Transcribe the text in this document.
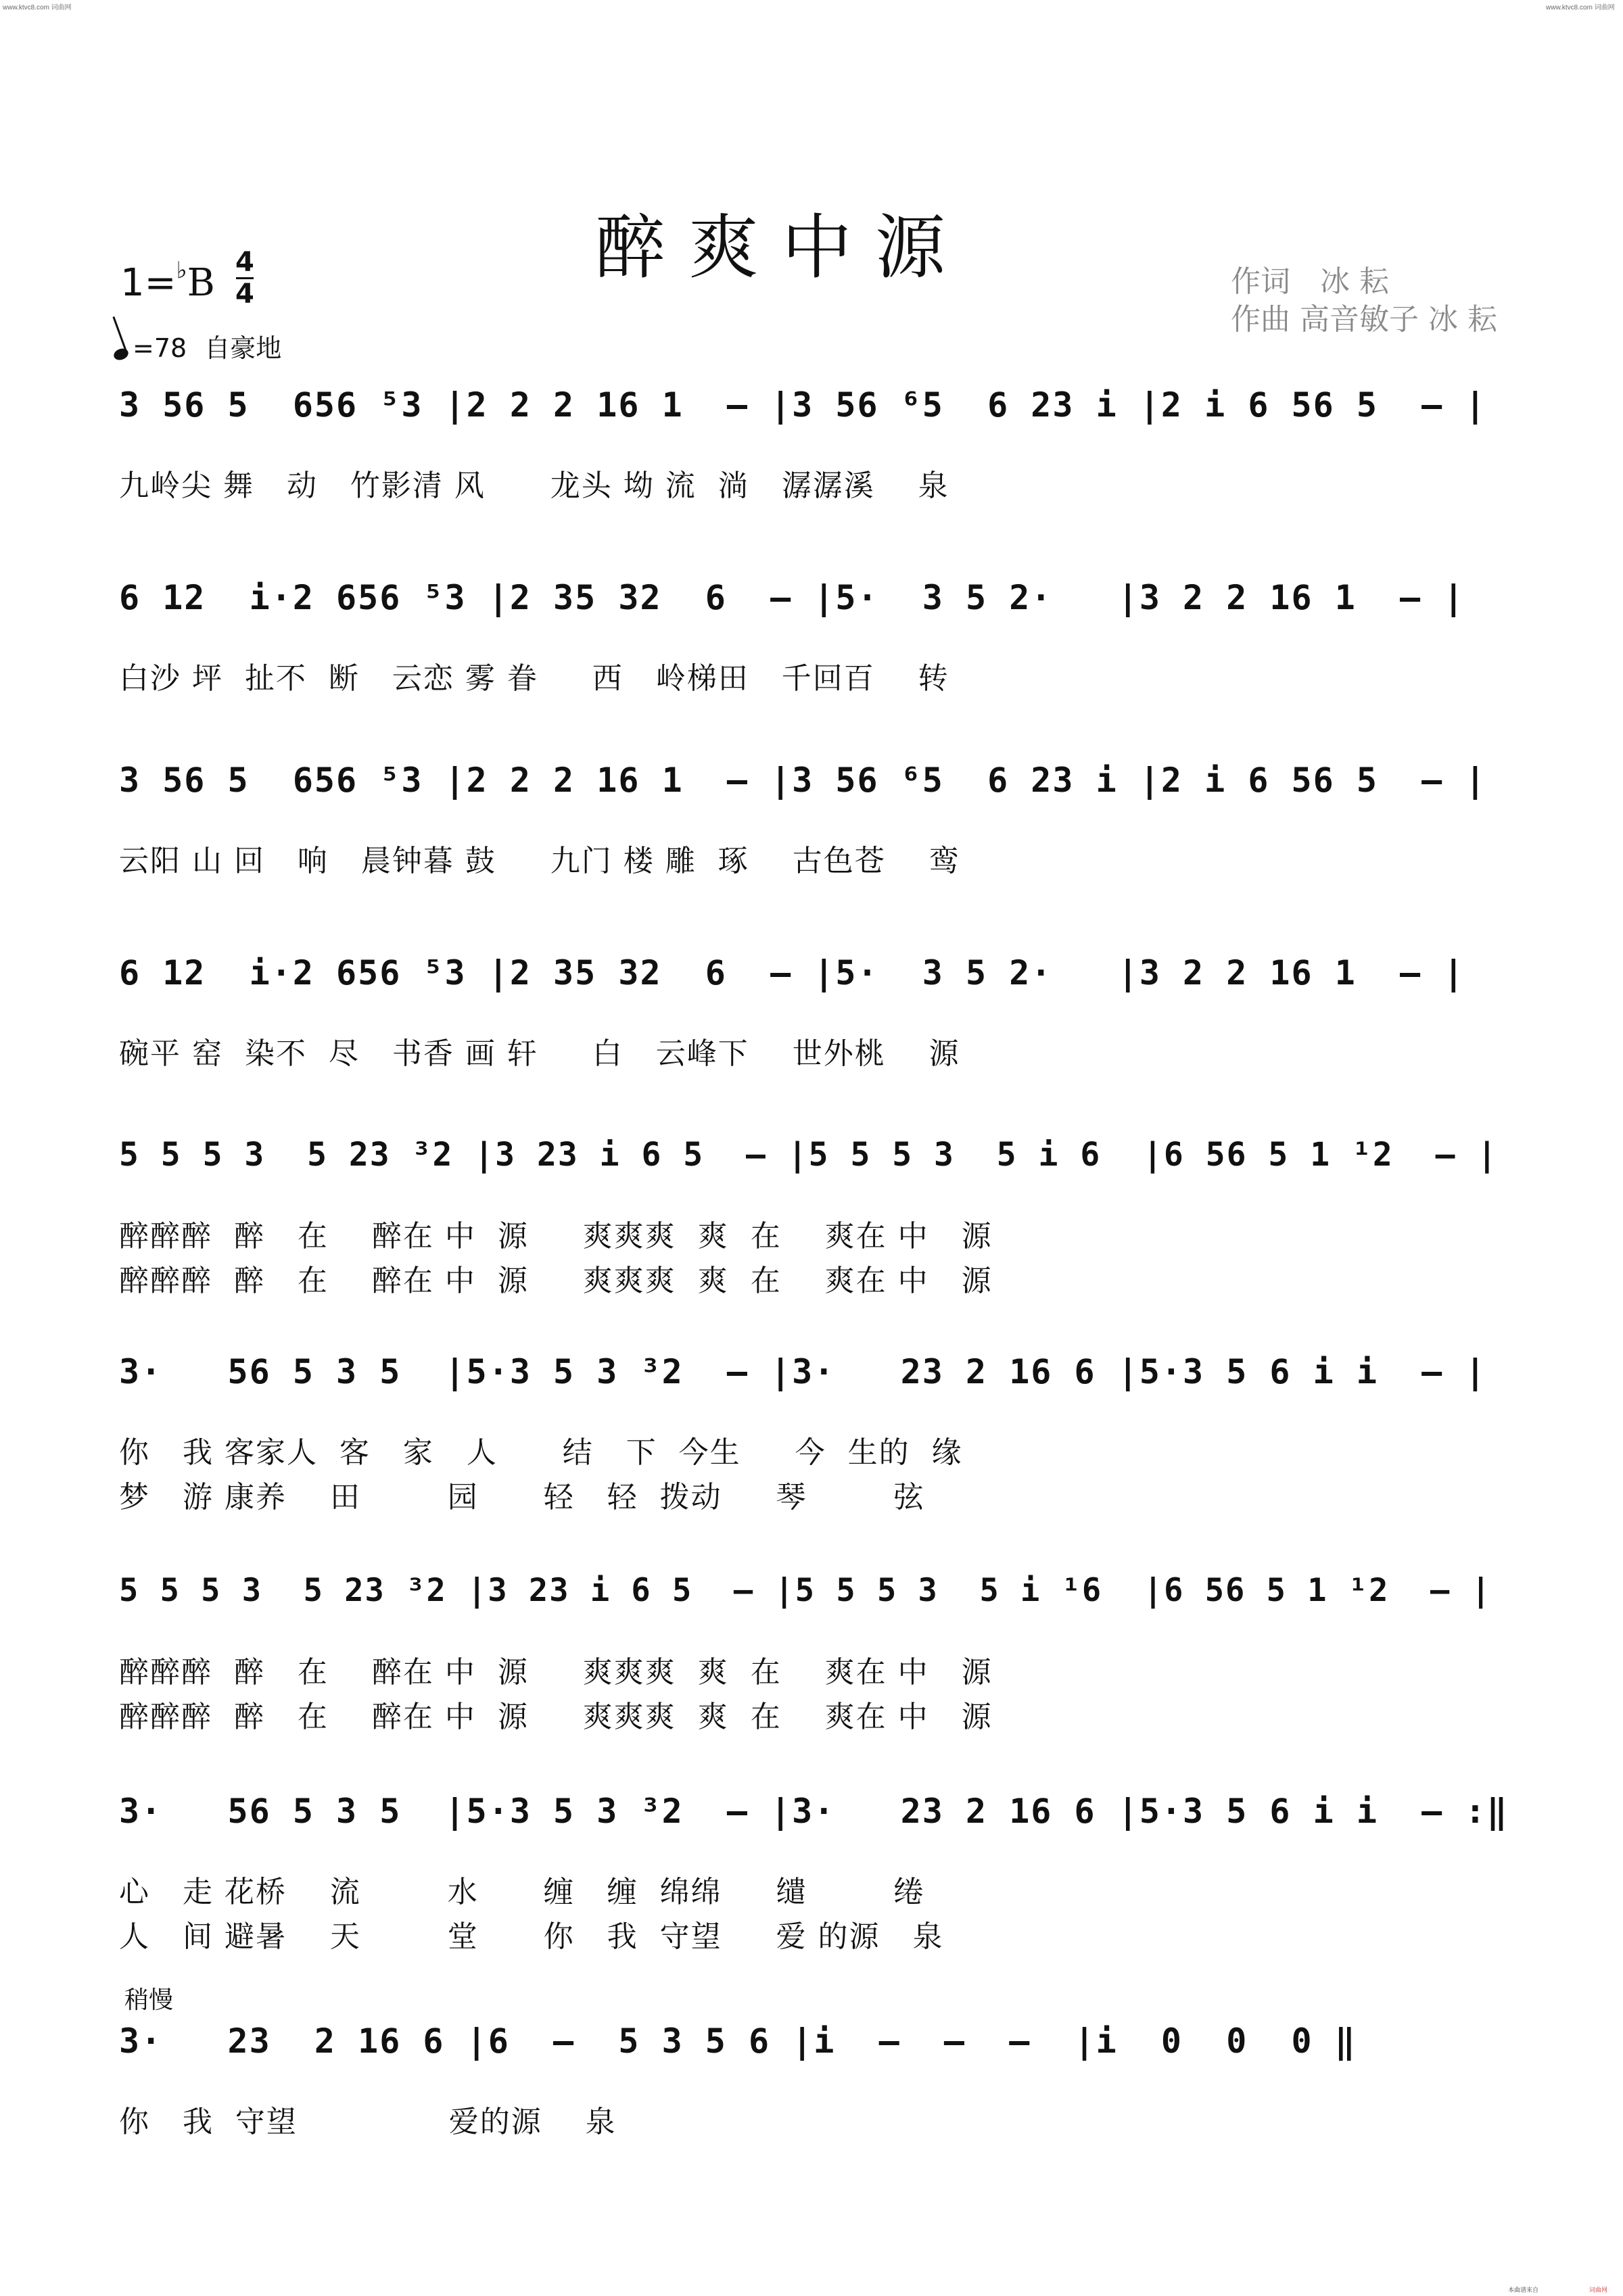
www.ktvc8.com 词曲网	www.ktvc8.com 词曲网
醉爽中源	作词　冰 耘
作曲 高音敏子 冰 耘
1=♭B 4
4
=78 自豪地
稍慢
3 56 5  656 ⁵3 |2 2 2 16 1  – |3 56 ⁶5  6 23 i |2 i 6 56 5  – |
九岭尖 舞   动   竹影清 风      龙头 坳 流  淌   潺潺溪    泉
6 12  i·2 656 ⁵3 |2 35 32  6  – |5·  3 5 2·   |3 2 2 16 1  – |
白沙 坪  扯不  断   云恋 雾 眷     西   岭梯田   千回百    转
3 56 5  656 ⁵3 |2 2 2 16 1  – |3 56 ⁶5  6 23 i |2 i 6 56 5  – |
云阳 山 回   响   晨钟暮 鼓     九门 楼 雕  琢    古色苍    鸾
6 12  i·2 656 ⁵3 |2 35 32  6  – |5·  3 5 2·   |3 2 2 16 1  – |
碗平 窑  染不  尽   书香 画 轩     白   云峰下    世外桃    源
5 5 5 3  5 23 ³2 |3 23 i 6 5  – |5 5 5 3  5 i 6  |6 56 5 1 ¹2  – |
醉醉醉  醉   在    醉在 中  源     爽爽爽  爽  在    爽在 中   源
醉醉醉  醉   在    醉在 中  源     爽爽爽  爽  在    爽在 中   源
3·   56 5 3 5  |5·3 5 3 ³2  – |3·   23 2 16 6 |5·3 5 6 i i  – |
你   我 客家人  客   家   人      结   下  今生     今  生的  缘
梦   游 康养    田        园      轻   轻  拨动     琴        弦
5 5 5 3  5 23 ³2 |3 23 i 6 5  – |5 5 5 3  5 i ¹6  |6 56 5 1 ¹2  – |
醉醉醉  醉   在    醉在 中  源     爽爽爽  爽  在    爽在 中   源
醉醉醉  醉   在    醉在 中  源     爽爽爽  爽  在    爽在 中   源
3·   56 5 3 5  |5·3 5 3 ³2  – |3·   23 2 16 6 |5·3 5 6 i i  – :‖
心   走 花桥    流        水      缠   缠  绵绵     缱        绻
人   间 避暑    天        堂      你   我  守望     爱 的源   泉
3·   23  2 16 6 |6  –  5 3 5 6 |i  –  –  –  |i  0  0  0 ‖
你   我  守望              爱的源    泉
本曲谱来自	词曲网
